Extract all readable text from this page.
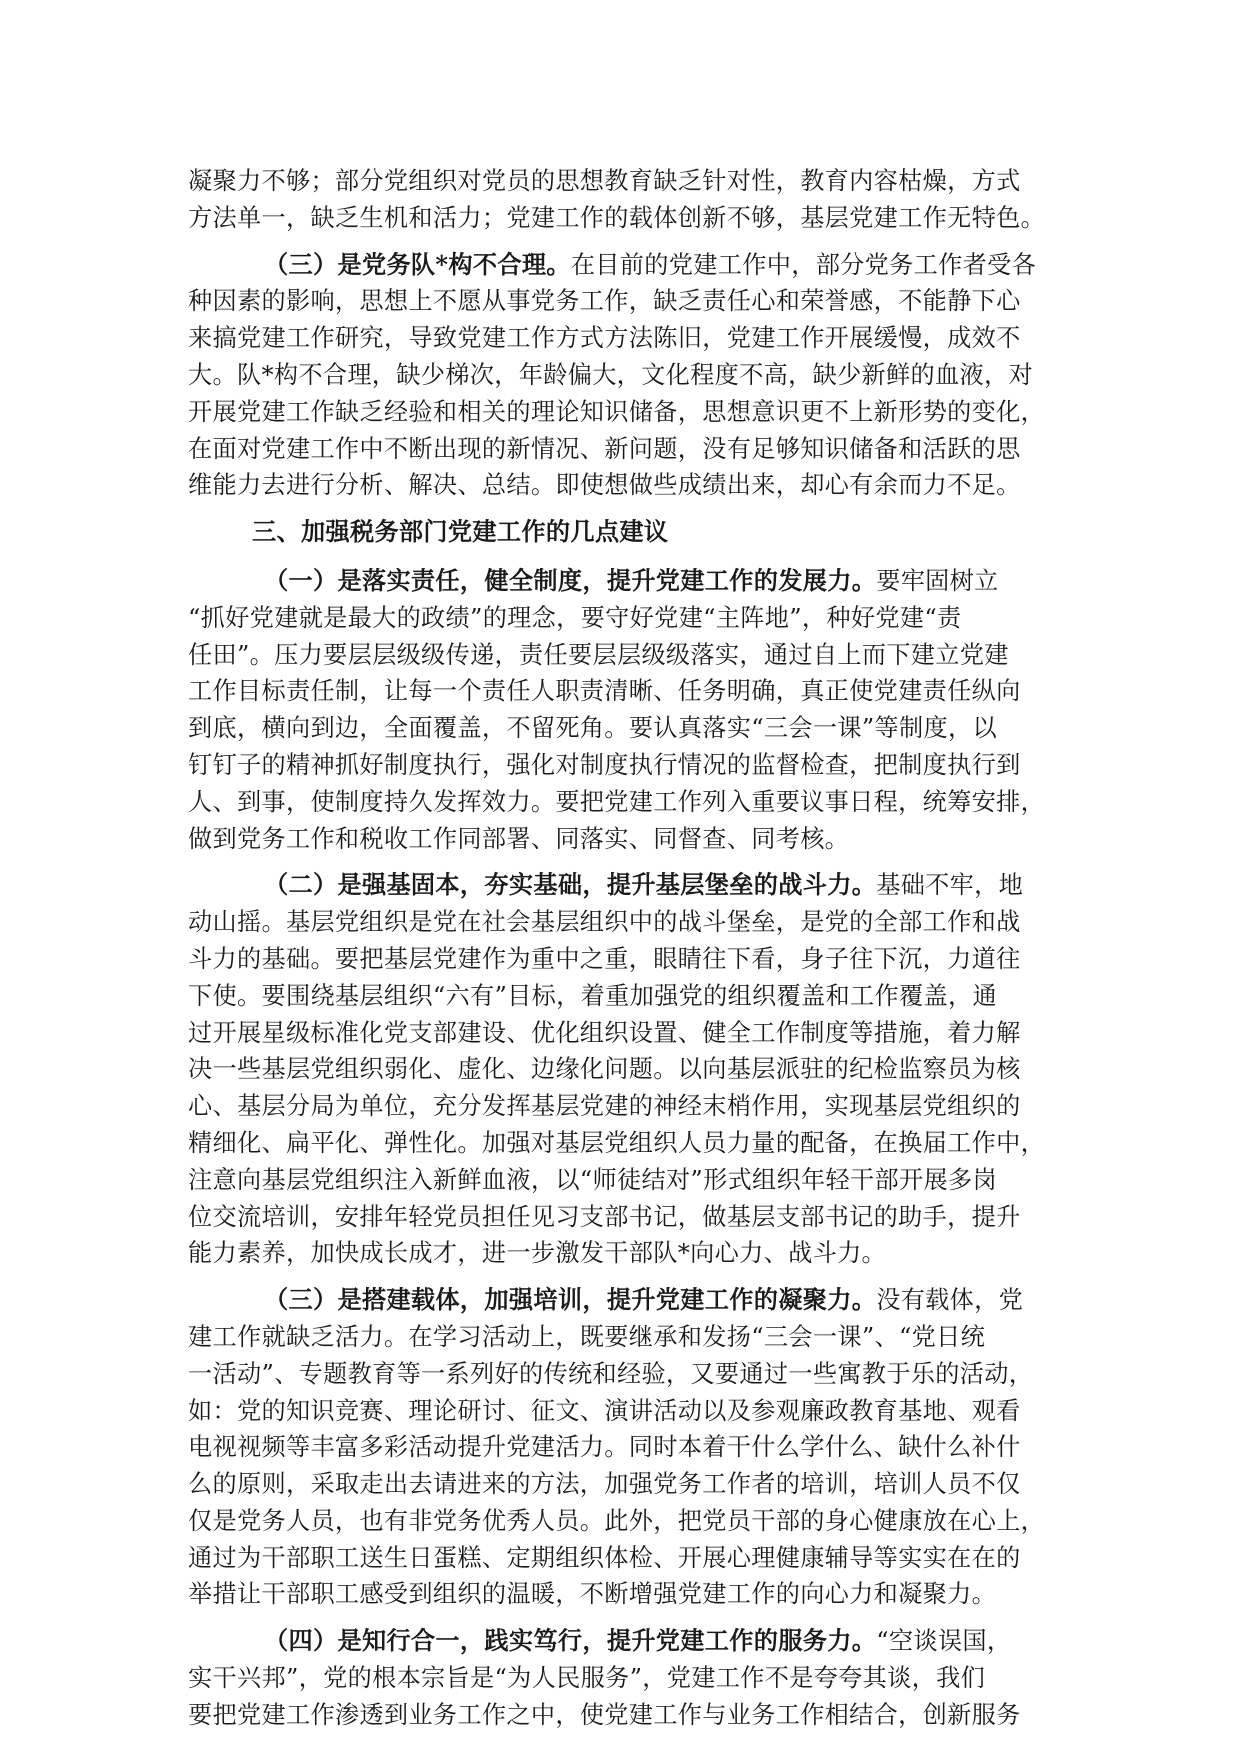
凝聚力不够；部分党组织对党员的思想教育缺乏针对性，教育内容枯燥，方式
方法单一，缺乏生机和活力；党建工作的载体创新不够，基层党建工作无特色。
（三）是党务队*构不合理。在目前的党建工作中，部分党务工作者受各
种因素的影响，思想上不愿从事党务工作，缺乏责任心和荣誉感，不能静下心
来搞党建工作研究，导致党建工作方式方法陈旧，党建工作开展缓慢，成效不
大。队*构不合理，缺少梯次，年龄偏大，文化程度不高，缺少新鲜的血液，对
开展党建工作缺乏经验和相关的理论知识储备，思想意识更不上新形势的变化，
在面对党建工作中不断出现的新情况、新问题，没有足够知识储备和活跃的思
维能力去进行分析、解决、总结。即使想做些成绩出来，却心有余而力不足。
三、加强税务部门党建工作的几点建议
（一）是落实责任，健全制度，提升党建工作的发展力。要牢固树立
“抓好党建就是最大的政绩”的理念，要守好党建“主阵地”，种好党建“责
任田”。压力要层层级级传递，责任要层层级级落实，通过自上而下建立党建
工作目标责任制，让每一个责任人职责清晰、任务明确，真正使党建责任纵向
到底，横向到边，全面覆盖，不留死角。要认真落实“三会一课”等制度，以
钉钉子的精神抓好制度执行，强化对制度执行情况的监督检查，把制度执行到
人、到事，使制度持久发挥效力。要把党建工作列入重要议事日程，统筹安排，
做到党务工作和税收工作同部署、同落实、同督查、同考核。
（二）是强基固本，夯实基础，提升基层堡垒的战斗力。基础不牢，地
动山摇。基层党组织是党在社会基层组织中的战斗堡垒，是党的全部工作和战
斗力的基础。要把基层党建作为重中之重，眼睛往下看，身子往下沉，力道往
下使。要围绕基层组织“六有”目标，着重加强党的组织覆盖和工作覆盖，通
过开展星级标准化党支部建设、优化组织设置、健全工作制度等措施，着力解
决一些基层党组织弱化、虚化、边缘化问题。以向基层派驻的纪检监察员为核
心、基层分局为单位，充分发挥基层党建的神经末梢作用，实现基层党组织的
精细化、扁平化、弹性化。加强对基层党组织人员力量的配备，在换届工作中，
注意向基层党组织注入新鲜血液，以“师徒结对”形式组织年轻干部开展多岗
位交流培训，安排年轻党员担任见习支部书记，做基层支部书记的助手，提升
能力素养，加快成长成才，进一步激发干部队*向心力、战斗力。
（三）是搭建载体，加强培训，提升党建工作的凝聚力。没有载体，党
建工作就缺乏活力。在学习活动上，既要继承和发扬“三会一课”、“党日统
一活动”、专题教育等一系列好的传统和经验，又要通过一些寓教于乐的活动，
如：党的知识竞赛、理论研讨、征文、演讲活动以及参观廉政教育基地、观看
电视视频等丰富多彩活动提升党建活力。同时本着干什么学什么、缺什么补什
么的原则，采取走出去请进来的方法，加强党务工作者的培训，培训人员不仅
仅是党务人员，也有非党务优秀人员。此外，把党员干部的身心健康放在心上，
通过为干部职工送生日蛋糕、定期组织体检、开展心理健康辅导等实实在在的
举措让干部职工感受到组织的温暖，不断增强党建工作的向心力和凝聚力。
（四）是知行合一，践实笃行，提升党建工作的服务力。“空谈误国，
实干兴邦”，党的根本宗旨是“为人民服务”，党建工作不是夸夸其谈，我们
要把党建工作渗透到业务工作之中，使党建工作与业务工作相结合，创新服务
